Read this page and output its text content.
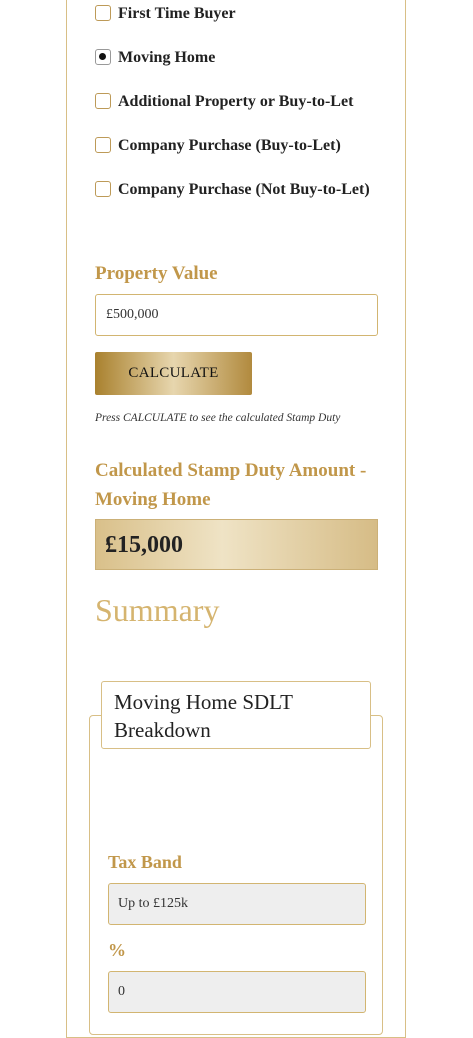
First Time Buyer
Moving Home
Additional Property or Buy-to-Let
Company Purchase (Buy-to-Let)
Company Purchase (Not Buy-to-Let)
Property Value
£500,000
CALCULATE
Press CALCULATE to see the calculated Stamp Duty
Calculated Stamp Duty Amount - Moving Home
£15,000
Summary
Moving Home SDLT Breakdown
Tax Band
Up to £125k
%
0
